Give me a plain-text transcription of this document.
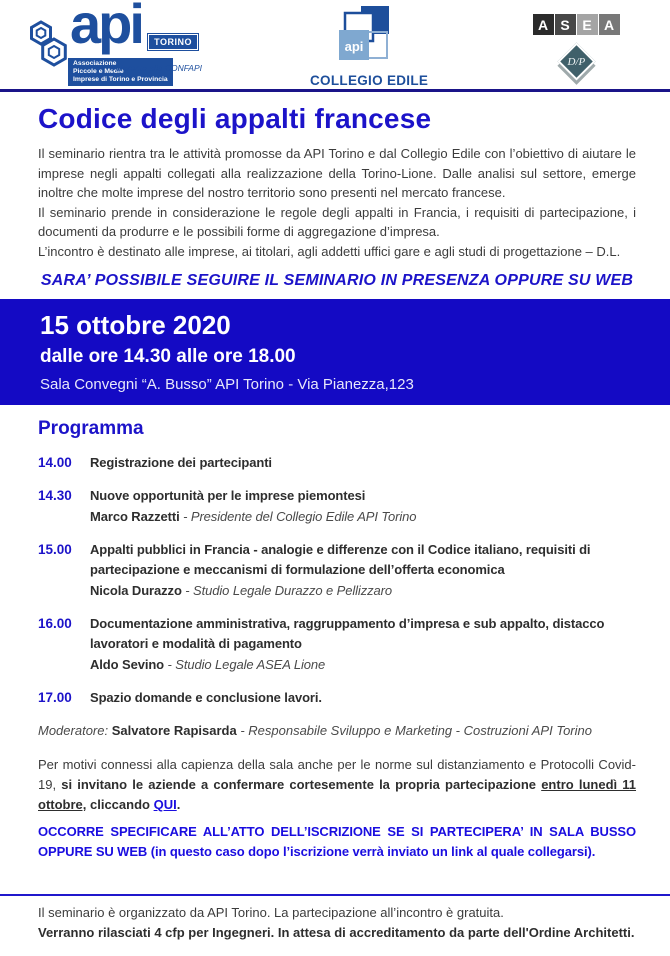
api	TORINO
Associazione
Piccole e Medie
Imprese di Torino e Provincia
Aderente alla CONFAPI
api
COLLEGIO EDILE
A S E A
D/P
Codice degli appalti francese

Il seminario rientra tra le attività promosse da API Torino e dal Collegio Edile con l’obiettivo di aiutare le imprese negli appalti collegati alla realizzazione della Torino-Lione. Dalle analisi sul settore, emerge inoltre che molte imprese del nostro territorio sono presenti nel mercato francese.

Il seminario prende in considerazione le regole degli appalti in Francia, i requisiti di partecipazione, i documenti da produrre e le possibili forme di aggregazione d’impresa.

L’incontro è destinato alle imprese, ai titolari, agli addetti uffici gare e agli studi di progettazione – D.L.

SARA’ POSSIBILE SEGUIRE IL SEMINARIO IN PRESENZA OPPURE SU WEB
15 ottobre 2020
dalle ore 14.30 alle ore 18.00
Sala Convegni “A. Busso” API Torino - Via Pianezza,123
Programma
14.00	Registrazione dei partecipanti
14.30	Nuove opportunità per le imprese piemontesi
Marco Razzetti - Presidente del Collegio Edile API Torino
15.00	Appalti pubblici in Francia - analogie e differenze con il Codice italiano, requisiti di partecipazione e meccanismi di formulazione dell’offerta economica
Nicola Durazzo - Studio Legale Durazzo e Pellizzaro
16.00	Documentazione amministrativa, raggruppamento d’impresa e sub appalto, distacco lavoratori e modalità di pagamento
Aldo Sevino - Studio Legale ASEA Lione
17.00	Spazio domande e conclusione lavori.
Moderatore: Salvatore Rapisarda - Responsabile Sviluppo e Marketing - Costruzioni API Torino

Per motivi connessi alla capienza della sala anche per le norme sul distanziamento e Protocolli Covid-19, si invitano le aziende a confermare cortesemente la propria partecipazione entro lunedì 11 ottobre, cliccando QUI.

OCCORRE SPECIFICARE ALL’ATTO DELL’ISCRIZIONE SE SI PARTECIPERA’ IN SALA BUSSO OPPURE SU WEB (in questo caso dopo l’iscrizione verrà inviato un link al quale collegarsi).

Il seminario è organizzato da API Torino. La partecipazione all’incontro è gratuita.
Verranno rilasciati 4 cfp per Ingegneri. In attesa di accreditamento da parte dell'Ordine Architetti.
